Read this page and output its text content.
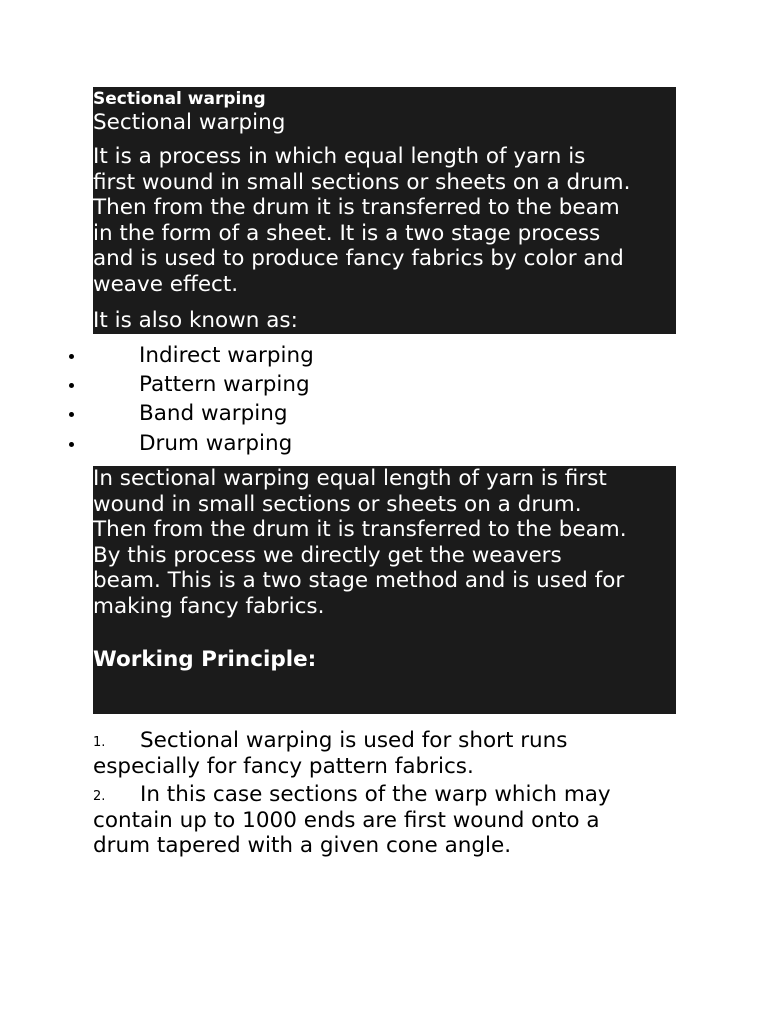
Sectional warping
Sectional warping
It is a process in which equal length of yarn is
first wound in small sections or sheets on a drum.
Then from the drum it is transferred to the beam
in the form of a sheet. It is a two stage process
and is used to produce fancy fabrics by color and
weave effect.
It is also known as:
Indirect warping
Pattern warping
Band warping
Drum warping
In sectional warping equal length of yarn is first
wound in small sections or sheets on a drum.
Then from the drum it is transferred to the beam.
By this process we directly get the weavers
beam. This is a two stage method and is used for
making fancy fabrics.
Working Principle:
1.	Sectional warping is used for short runs
especially for fancy pattern fabrics.
2.	In this case sections of the warp which may
contain up to 1000 ends are first wound onto a
drum tapered with a given cone angle.
